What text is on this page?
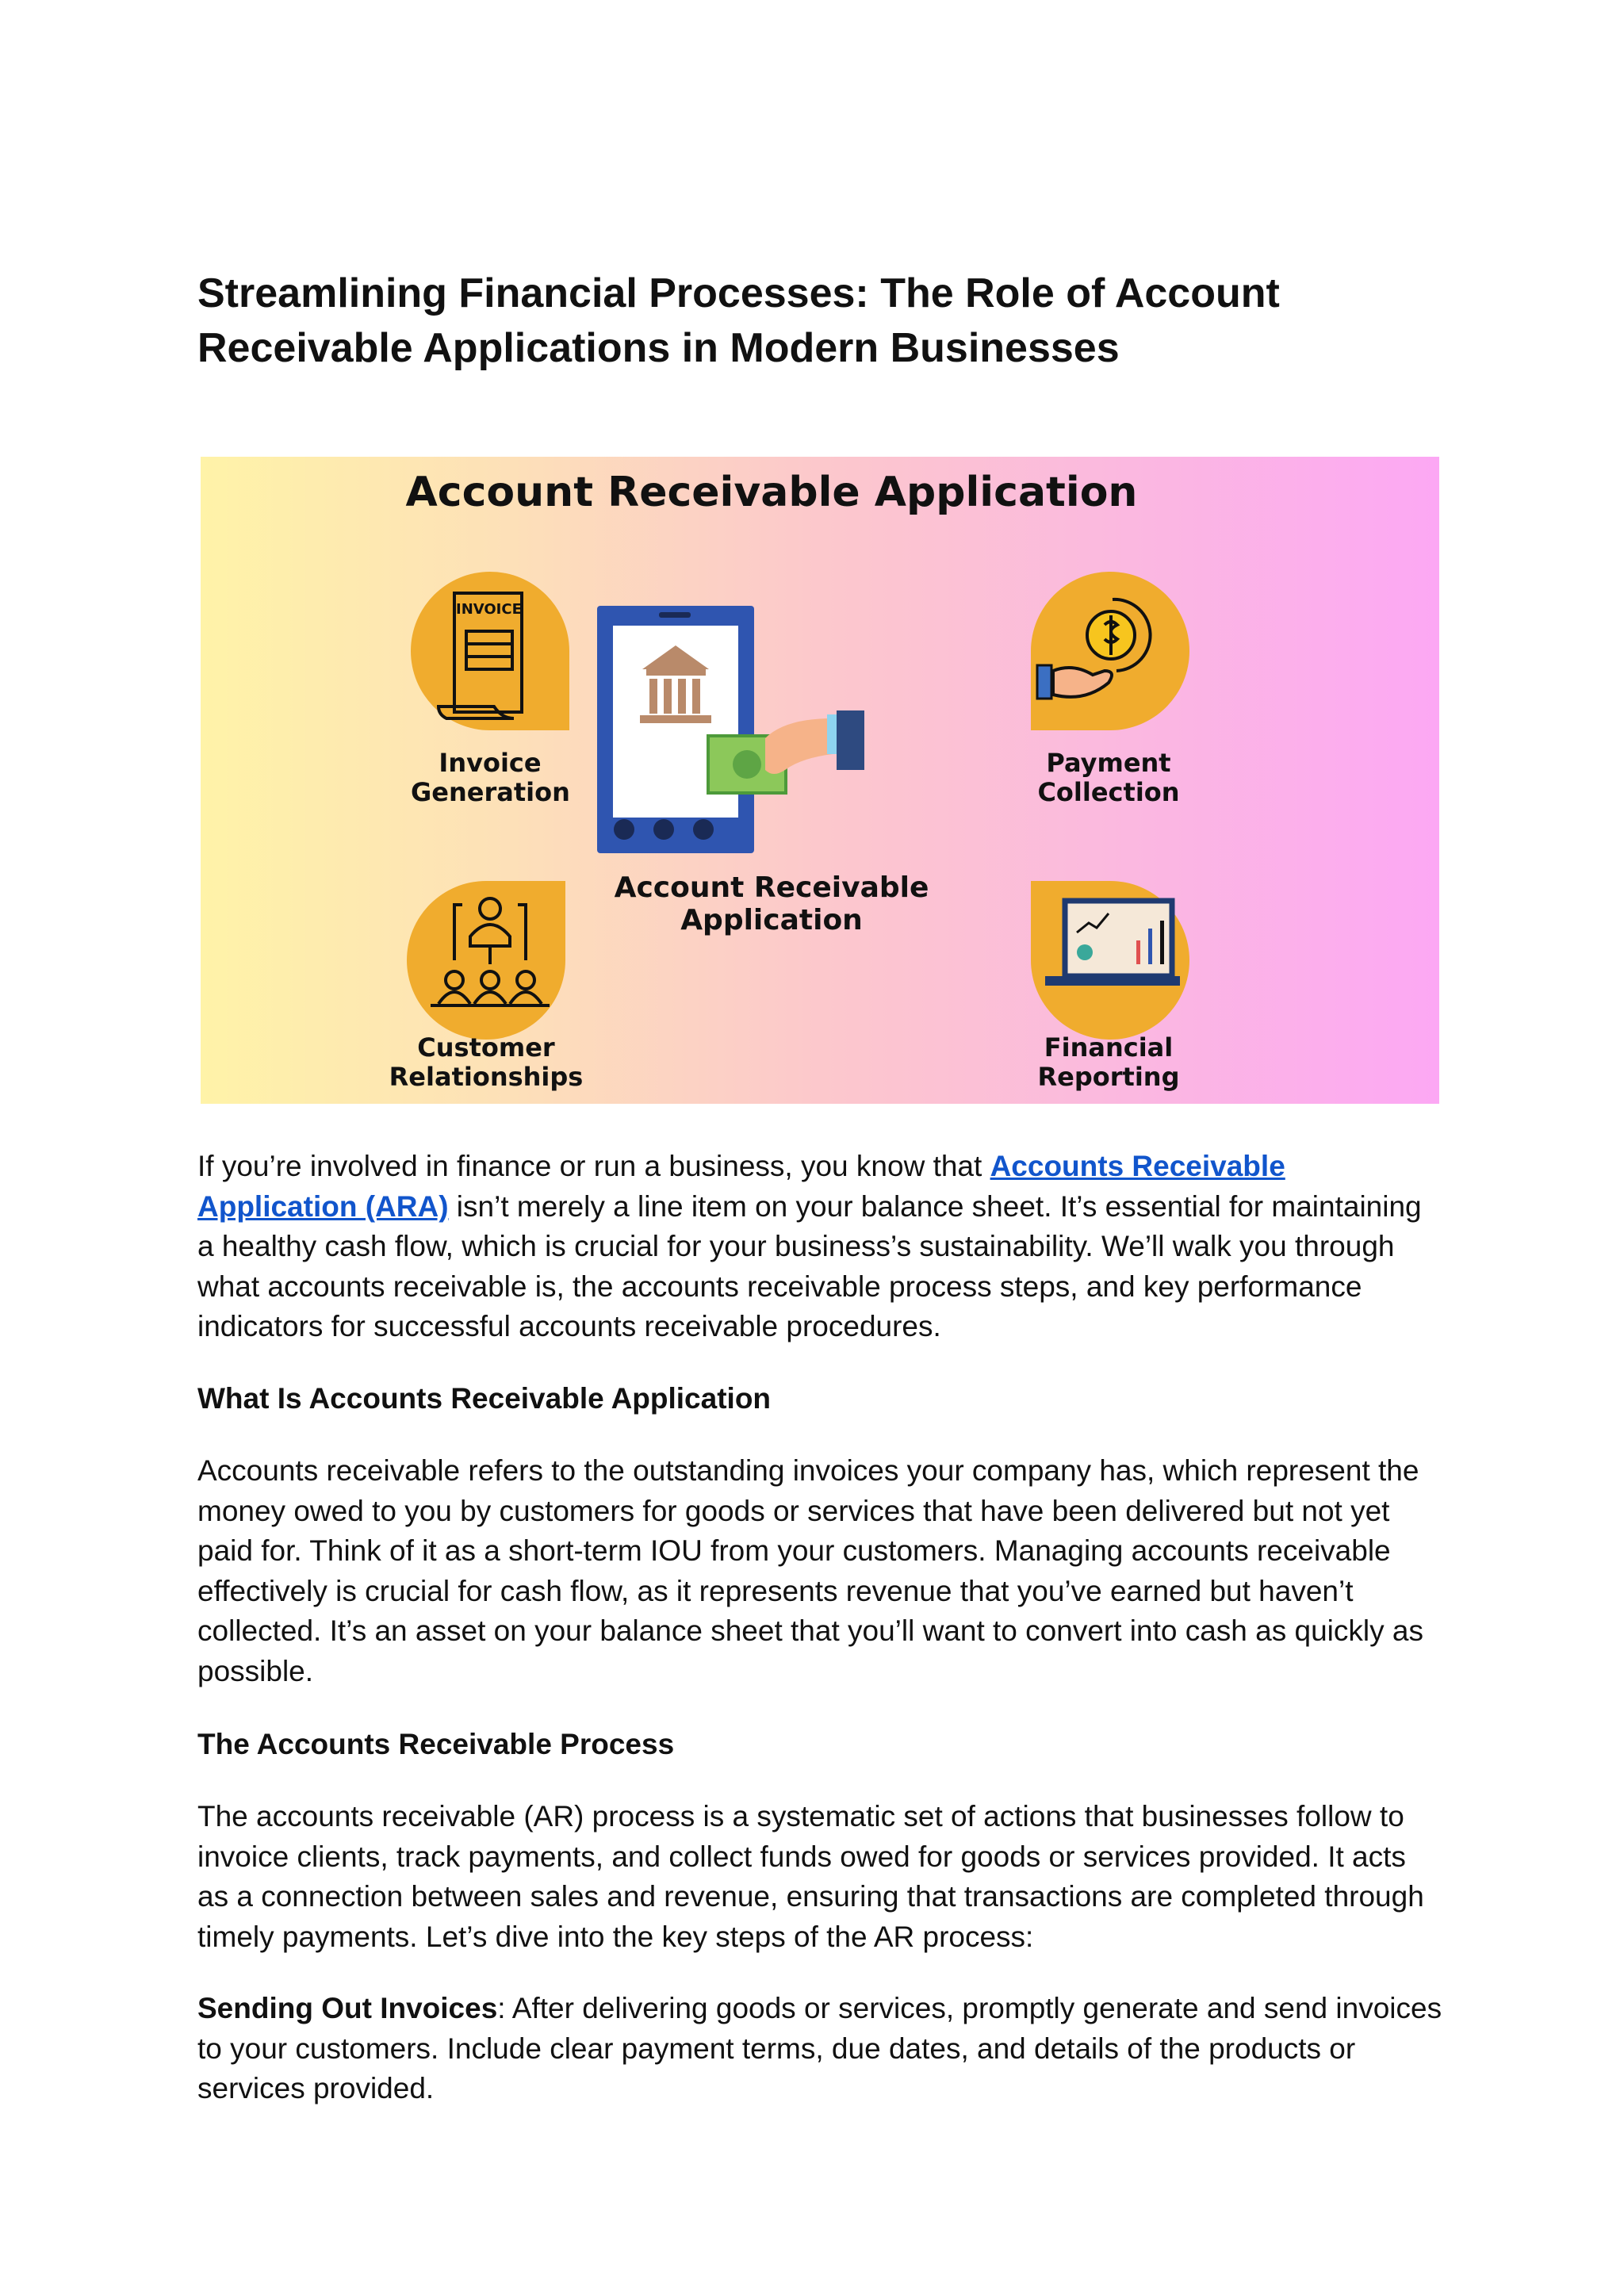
Streamlining Financial Processes: The Role of Account Receivable Applications in Modern Businesses
INVOICE
Account Receivable Application
Invoice Generation
Payment Collection
Customer Relationships
Financial Reporting
Account Receivable Application

If you’re involved in finance or run a business, you know that Accounts Receivable Application (ARA) isn’t merely a line item on your balance sheet. It’s essential for maintaining a healthy cash flow, which is crucial for your business’s sustainability. We’ll walk you through what accounts receivable is, the accounts receivable process steps, and key performance indicators for successful accounts receivable procedures.

What Is Accounts Receivable Application

Accounts receivable refers to the outstanding invoices your company has, which represent the money owed to you by customers for goods or services that have been delivered but not yet paid for. Think of it as a short-term IOU from your customers. Managing accounts receivable effectively is crucial for cash flow, as it represents revenue that you’ve earned but haven’t collected. It’s an asset on your balance sheet that you’ll want to convert into cash as quickly as possible.

The Accounts Receivable Process

The accounts receivable (AR) process is a systematic set of actions that businesses follow to invoice clients, track payments, and collect funds owed for goods or services provided. It acts as a connection between sales and revenue, ensuring that transactions are completed through timely payments. Let’s dive into the key steps of the AR process:

Sending Out Invoices: After delivering goods or services, promptly generate and send invoices to your customers. Include clear payment terms, due dates, and details of the products or services provided.
